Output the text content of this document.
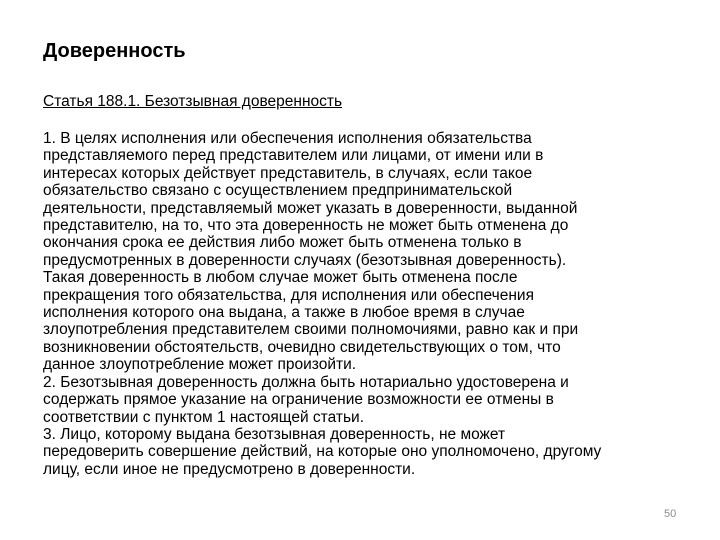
Доверенность
Статья 188.1. Безотзывная доверенность
1. В целях исполнения или обеспечения исполнения обязательства
представляемого перед представителем или лицами, от имени или в
интересах которых действует представитель, в случаях, если такое
обязательство связано с осуществлением предпринимательской
деятельности, представляемый может указать в доверенности, выданной
представителю, на то, что эта доверенность не может быть отменена до
окончания срока ее действия либо может быть отменена только в
предусмотренных в доверенности случаях (безотзывная доверенность).
Такая доверенность в любом случае может быть отменена после
прекращения того обязательства, для исполнения или обеспечения
исполнения которого она выдана, а также в любое время в случае
злоупотребления представителем своими полномочиями, равно как и при
возникновении обстоятельств, очевидно свидетельствующих о том, что
данное злоупотребление может произойти.
2. Безотзывная доверенность должна быть нотариально удостоверена и
содержать прямое указание на ограничение возможности ее отмены в
соответствии с пунктом 1 настоящей статьи.
3. Лицо, которому выдана безотзывная доверенность, не может
передоверить совершение действий, на которые оно уполномочено, другому
лицу, если иное не предусмотрено в доверенности.
50
